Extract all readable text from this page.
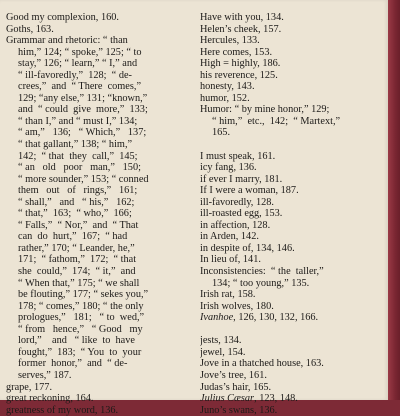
Good my complexion, 160.
Goths, 163.
Grammar and rhetoric: “ than
him,” 124; “ spoke,” 125; “ to
stay,” 126; “ learn,” “ I,” and
“ ill-favoredly,”  128;  “ de-
crees,”  and  “ There  comes,”
129; “any else,” 131; “known,”
and  “ could  give  more,”  133;
“ than I,” and “ must I,” 134;
“ am,”   136;   “ Which,”   137;
“ that gallant,” 138; “ him,”
142;  “ that  they  call,”  145;
“ an   old   poor   man,”   150;
“ more sounder,” 153; “ conned
them   out   of   rings,”   161;
“ shall,”   and   “ his,”   162;
“ that,”  163;  “ who,”  166;
“ Falls,”  “ Nor,”  and  “ That
can  do  hurt,”  167;  “ had
rather,” 170; “ Leander, he,”
171;  “ fathom,”  172;  “ that
she  could,”  174;  “ it,”  and
“ When that,” 175; “ we shall
be flouting,” 177; “ sekes you,”
178; “ comes,” 180; “ the only
prologues,”   181;   “ to  wed,”
“ from   hence,”   “ Good   my
lord,”    and   “ like  to  have
fought,”  183;  “ You  to  your
former  honor,”  and  “ de-
serves,” 187.
grape, 177.
great reckoning, 164.
greatness of my word, 136.
Have with you, 134.
Helen’s cheek, 157.
Hercules, 133.
Here comes, 153.
High = highly, 186.
his reverence, 125.
honesty, 143.
humor, 152.
Humor: “ by mine honor,” 129;
“ him,”  etc.,  142;  “ Martext,”
165.
I must speak, 161.
icy fang, 136.
if ever I marry, 181.
If I were a woman, 187.
ill-favoredly, 128.
ill-roasted egg, 153.
in affection, 128.
in Arden, 142.
in despite of, 134, 146.
In lieu of, 141.
Inconsistencies:  “ the  taller,”
134; “ too young,” 135.
Irish rat, 158.
Irish wolves, 180.
Ivanhoe, 126, 130, 132, 166.
jests, 134.
jewel, 154.
Jove in a thatched house, 163.
Jove’s tree, 161.
Judas’s hair, 165.
Julius Cæsar, 123, 148.
Juno’s swans, 136.
